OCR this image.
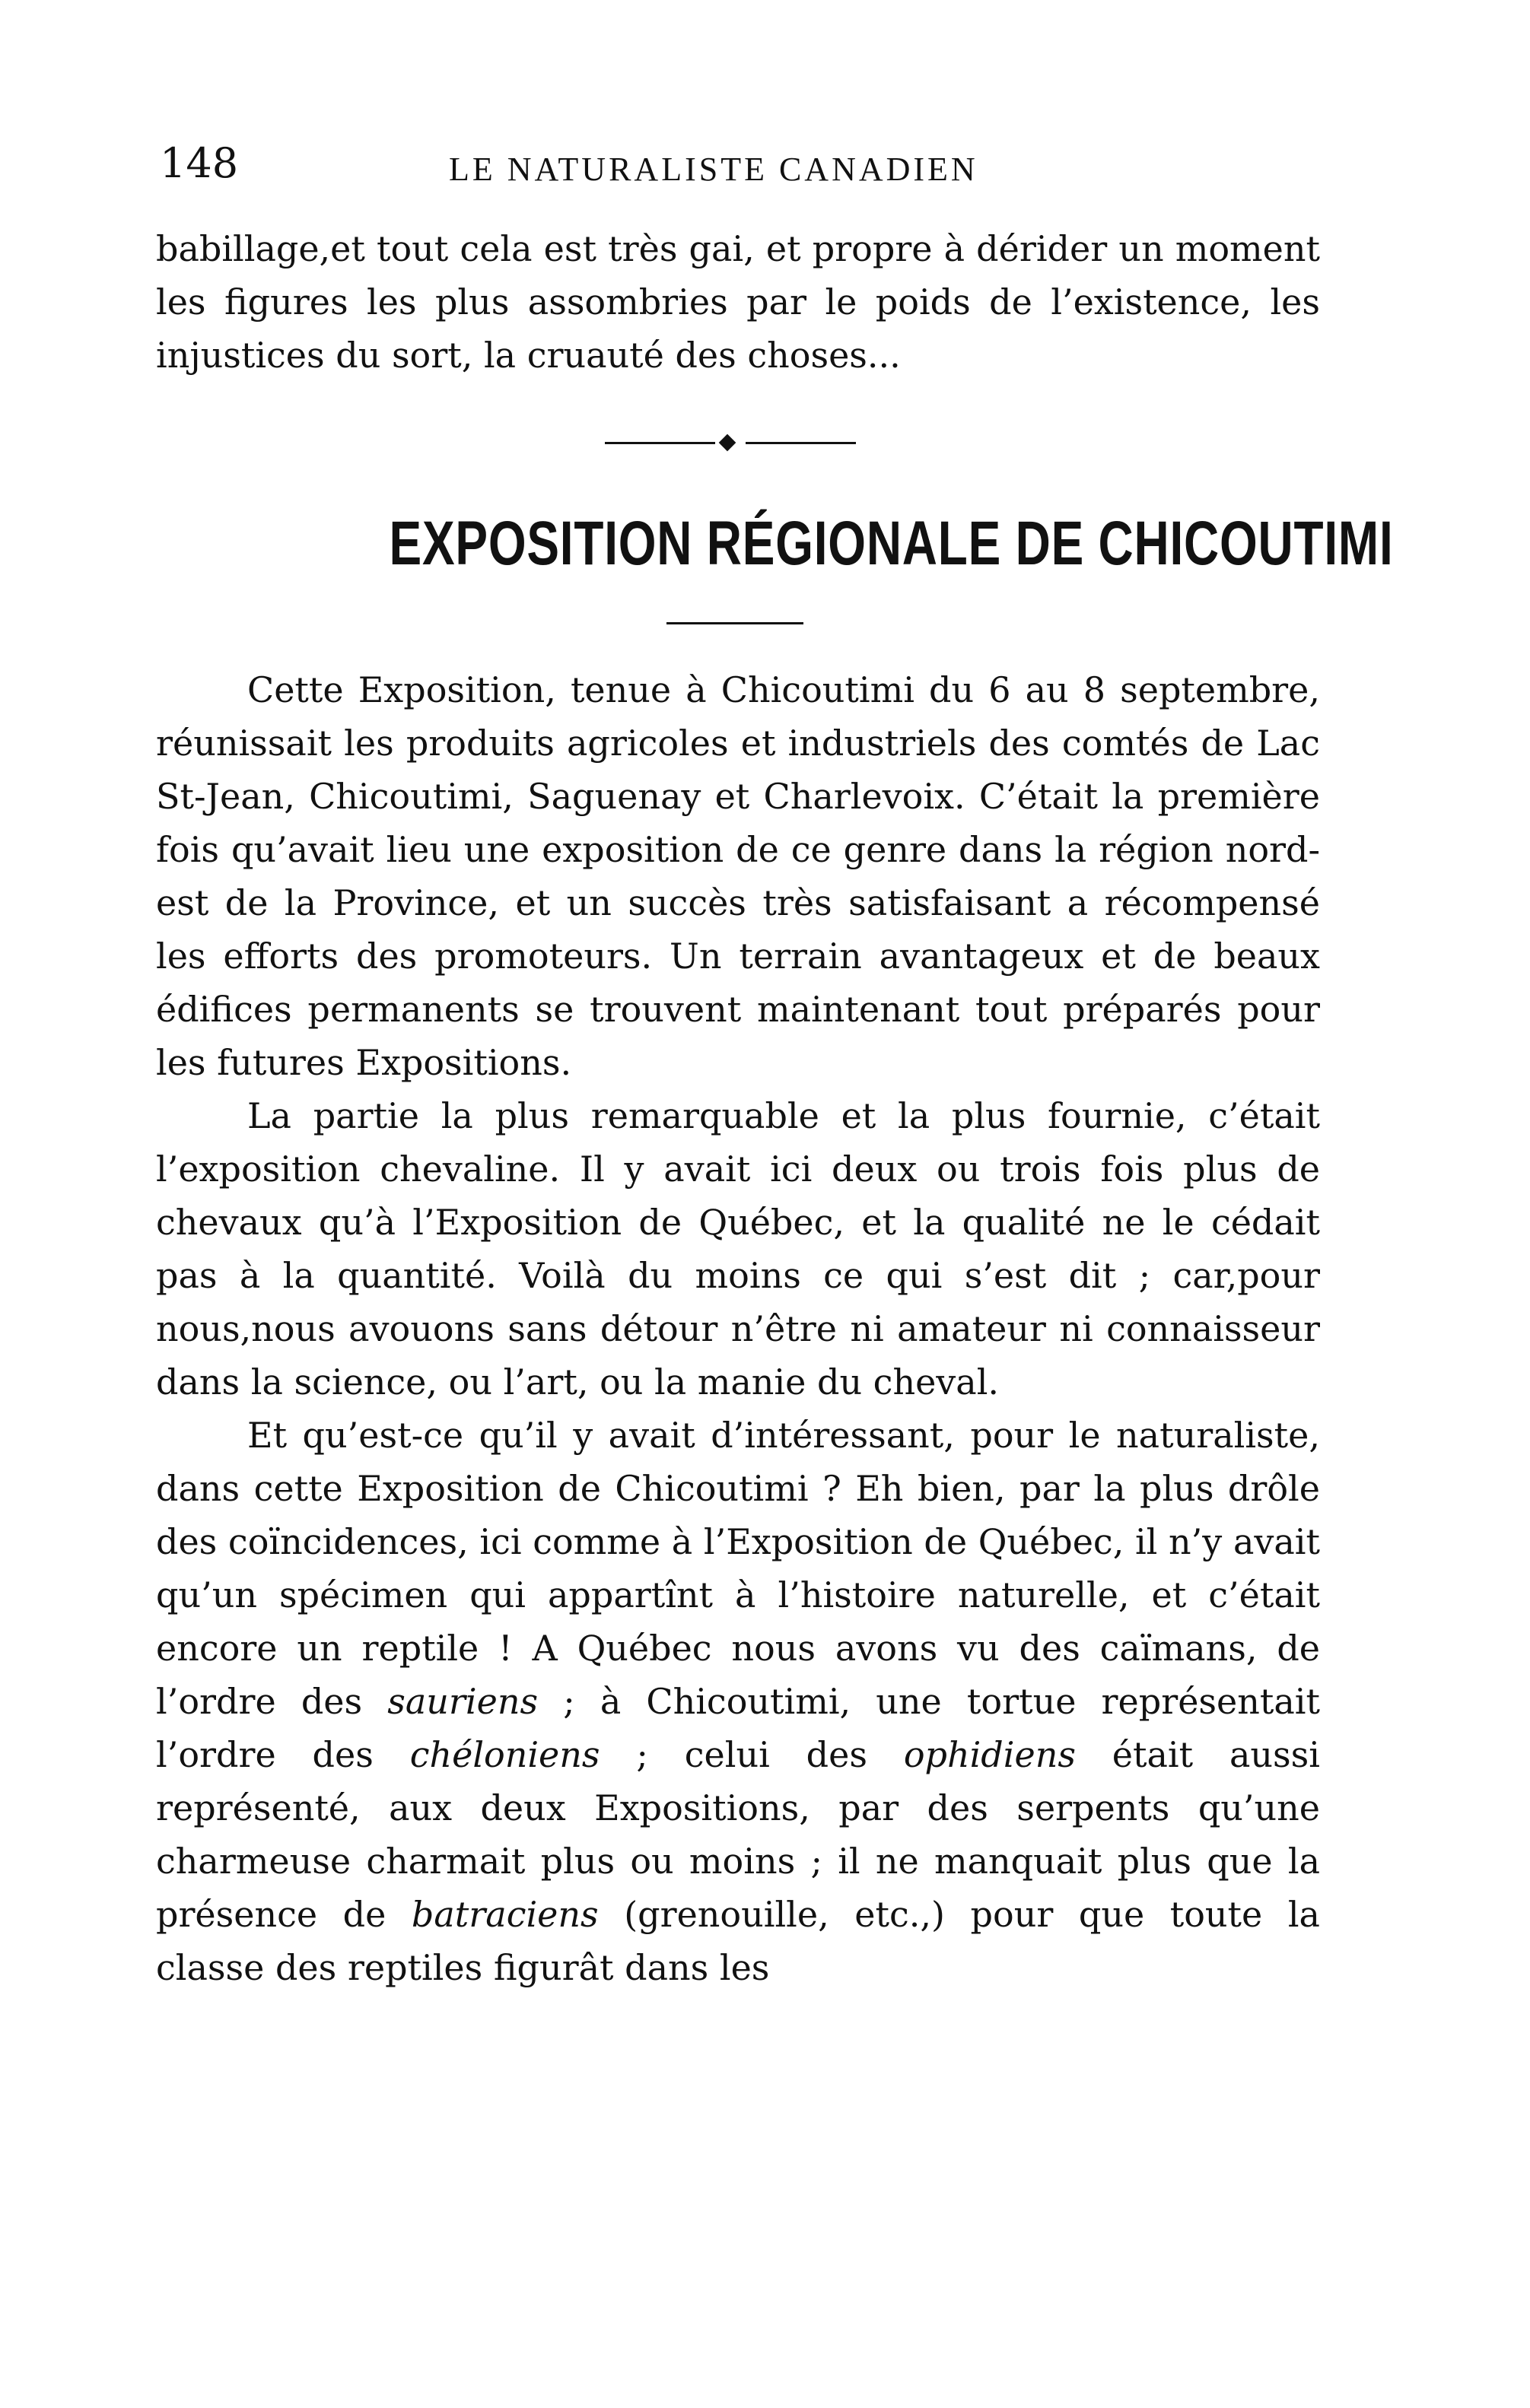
148	LE NATURALISTE CANADIEN

babillage,et tout cela est très gai, et propre à dérider un moment les figures les plus assombries par le poids de l’existence, les injustices du sort, la cruauté des choses...

EXPOSITION RÉGIONALE DE CHICOUTIMI

Cette Exposition, tenue à Chicoutimi du 6 au 8 septembre, réunissait les produits agricoles et industriels des comtés de Lac St-Jean, Chicoutimi, Saguenay et Charlevoix. C’était la première fois qu’avait lieu une exposition de ce genre dans la région nord-est de la Province, et un succès très satisfaisant a récompensé les efforts des promoteurs. Un terrain avantageux et de beaux édifices permanents se trouvent maintenant tout préparés pour les futures Expositions.

La partie la plus remarquable et la plus fournie, c’était l’exposition chevaline. Il y avait ici deux ou trois fois plus de chevaux qu’à l’Exposition de Québec, et la qualité ne le cédait pas à la quantité. Voilà du moins ce qui s’est dit ; car,pour nous,nous avouons sans détour n’être ni amateur ni connaisseur dans la science, ou l’art, ou la manie du cheval.

Et qu’est-ce qu’il y avait d’intéressant, pour le naturaliste, dans cette Exposition de Chicoutimi ? Eh bien, par la plus drôle des coïncidences, ici comme à l’Exposition de Québec, il n’y avait qu’un spécimen qui appartînt à l’histoire naturelle, et c’était encore un reptile ! A Québec nous avons vu des caïmans, de l’ordre des sauriens ; à Chicoutimi, une tortue représentait l’ordre des chéloniens ; celui des ophidiens était aussi représenté, aux deux Expositions, par des serpents qu’une charmeuse charmait plus ou moins ; il ne manquait plus que la présence de batraciens (grenouille, etc.,) pour que toute la classe des reptiles figurât dans les
